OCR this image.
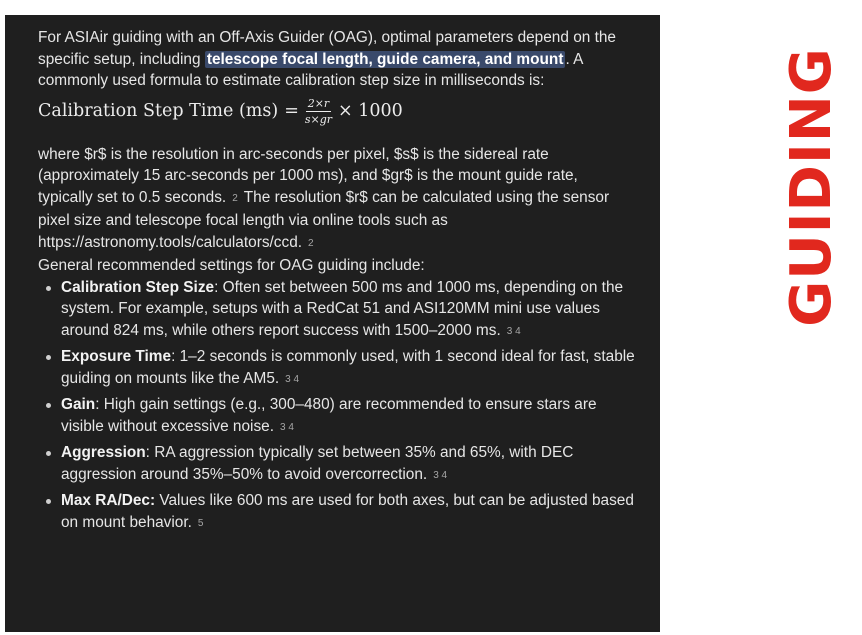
For ASIAir guiding with an Off-Axis Guider (OAG), optimal parameters depend on the specific setup, including telescope focal length, guide camera, and mount . A commonly used formula to estimate calibration step size in milliseconds is:

Calibration Step Time $(ms) = \frac{2\times r}{s\times gr} \times 1000$

where $r$ is the resolution in arc-seconds per pixel, $s$ is the sidereal rate (approximately 15 arc-seconds per 1000 ms), and $gr$ is the mount guide rate, typically set to 0.5 seconds. 2 The resolution $r$ can be calculated using the sensor pixel size and telescope focal length via online tools such as https://astronomy.tools/calculators/ccd. 2

General recommended settings for OAG guiding include:

Calibration Step Size: Often set between 500 ms and 1000 ms, depending on the system. For example, setups with a RedCat 51 and ASI120MM mini use values around 824 ms, while others report success with 1500–2000 ms. 3 4
Exposure Time: 1–2 seconds is commonly used, with 1 second ideal for fast, stable guiding on mounts like the AM5. 3 4
Gain: High gain settings (e.g., 300–480) are recommended to ensure stars are visible without excessive noise. 3 4
Aggression: RA aggression typically set between 35% and 65%, with DEC aggression around 35%–50% to avoid overcorrection. 3 4
Max RA/Dec: Values like 600 ms are used for both axes, but can be adjusted based on mount behavior. 5
GUIDING
